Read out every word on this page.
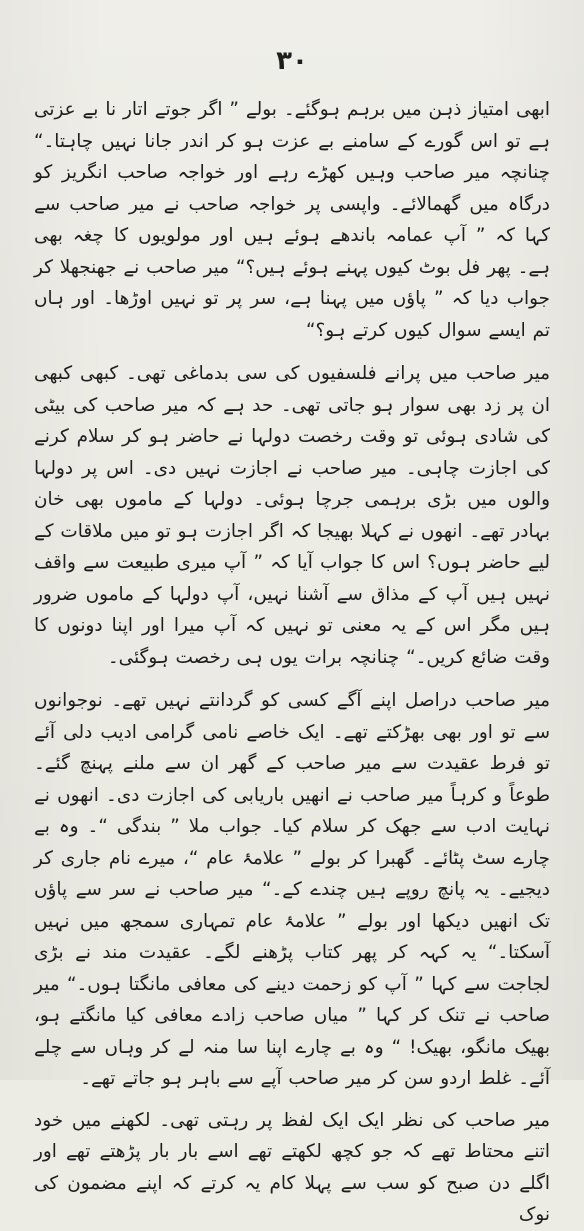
۳۰

ابھی امتیاز ذہن میں برہم ہوگئے۔ بولے ” اگر جوتے اتار نا بے عزتی ہے تو اس گورے کے سامنے بے عزت ہو کر اندر جانا نہیں چاہتا۔“ چنانچہ میر صاحب وہیں کھڑے رہے اور خواجہ صاحب انگریز کو درگاہ میں گھمالائے۔ واپسی پر خواجہ صاحب نے میر صاحب سے کہا کہ ” آپ عمامہ باندھے ہوئے ہیں اور مولویوں کا چغہ بھی ہے۔ پھر فل بوٹ کیوں پہنے ہوئے ہیں؟“ میر صاحب نے جھنجھلا کر جواب دیا کہ ” پاؤں میں پہنا ہے، سر پر تو نہیں اوڑھا۔ اور ہاں تم ایسے سوال کیوں کرتے ہو؟“

میر صاحب میں پرانے فلسفیوں کی سی بدماغی تھی۔ کبھی کبھی ان پر زد بھی سوار ہو جاتی تھی۔ حد ہے کہ میر صاحب کی بیٹی کی شادی ہوئی تو وقت رخصت دولہا نے حاضر ہو کر سلام کرنے کی اجازت چاہی۔ میر صاحب نے اجازت نہیں دی۔ اس پر دولہا والوں میں بڑی برہمی جرچا ہوئی۔ دولہا کے ماموں بھی خان بہادر تھے۔ انھوں نے کہلا بھیجا کہ اگر اجازت ہو تو میں ملاقات کے لیے حاضر ہوں؟ اس کا جواب آیا کہ ” آپ میری طبیعت سے واقف نہیں ہیں آپ کے مذاق سے آشنا نہیں، آپ دولہا کے ماموں ضرور ہیں مگر اس کے یہ معنی تو نہیں کہ آپ میرا اور اپنا دونوں کا وقت ضائع کریں۔“ چنانچہ برات یوں ہی رخصت ہوگئی۔

میر صاحب دراصل اپنے آگے کسی کو گردانتے نہیں تھے۔ نوجوانوں سے تو اور بھی بھڑکتے تھے۔ ایک خاصے نامی گرامی ادیب دلی آئے تو فرط عقیدت سے میر صاحب کے گھر ان سے ملنے پہنچ گئے۔ طوعاً و کرہاً میر صاحب نے انھیں باریابی کی اجازت دی۔ انھوں نے نہایت ادب سے جھک کر سلام کیا۔ جواب ملا ” بندگی “۔ وہ بے چارے سٹ پٹائے۔ گھبرا کر بولے ” علامۂ عام “، میرے نام جاری کر دیجیے۔ یہ پانچ روپے ہیں چندے کے۔“ میر صاحب نے سر سے پاؤں تک انھیں دیکھا اور بولے ” علامۂ عام تمہاری سمجھ میں نہیں آسکتا۔“ یہ کہہ کر پھر کتاب پڑھنے لگے۔ عقیدت مند نے بڑی لجاجت سے کہا ” آپ کو زحمت دینے کی معافی مانگتا ہوں۔“ میر صاحب نے تنک کر کہا ” میاں صاحب زادے معافی کیا مانگتے ہو، بھیک مانگو، بھیک! “ وہ بے چارے اپنا سا منہ لے کر وہاں سے چلے آئے۔ غلط اردو سن کر میر صاحب آپے سے باہر ہو جاتے تھے۔

میر صاحب کی نظر ایک ایک لفظ پر رہتی تھی۔ لکھنے میں خود اتنے محتاط تھے کہ جو کچھ لکھتے تھے اسے بار بار پڑھتے تھے اور اگلے دن صبح کو سب سے پہلا کام یہ کرتے کہ اپنے مضمون کی نوک
